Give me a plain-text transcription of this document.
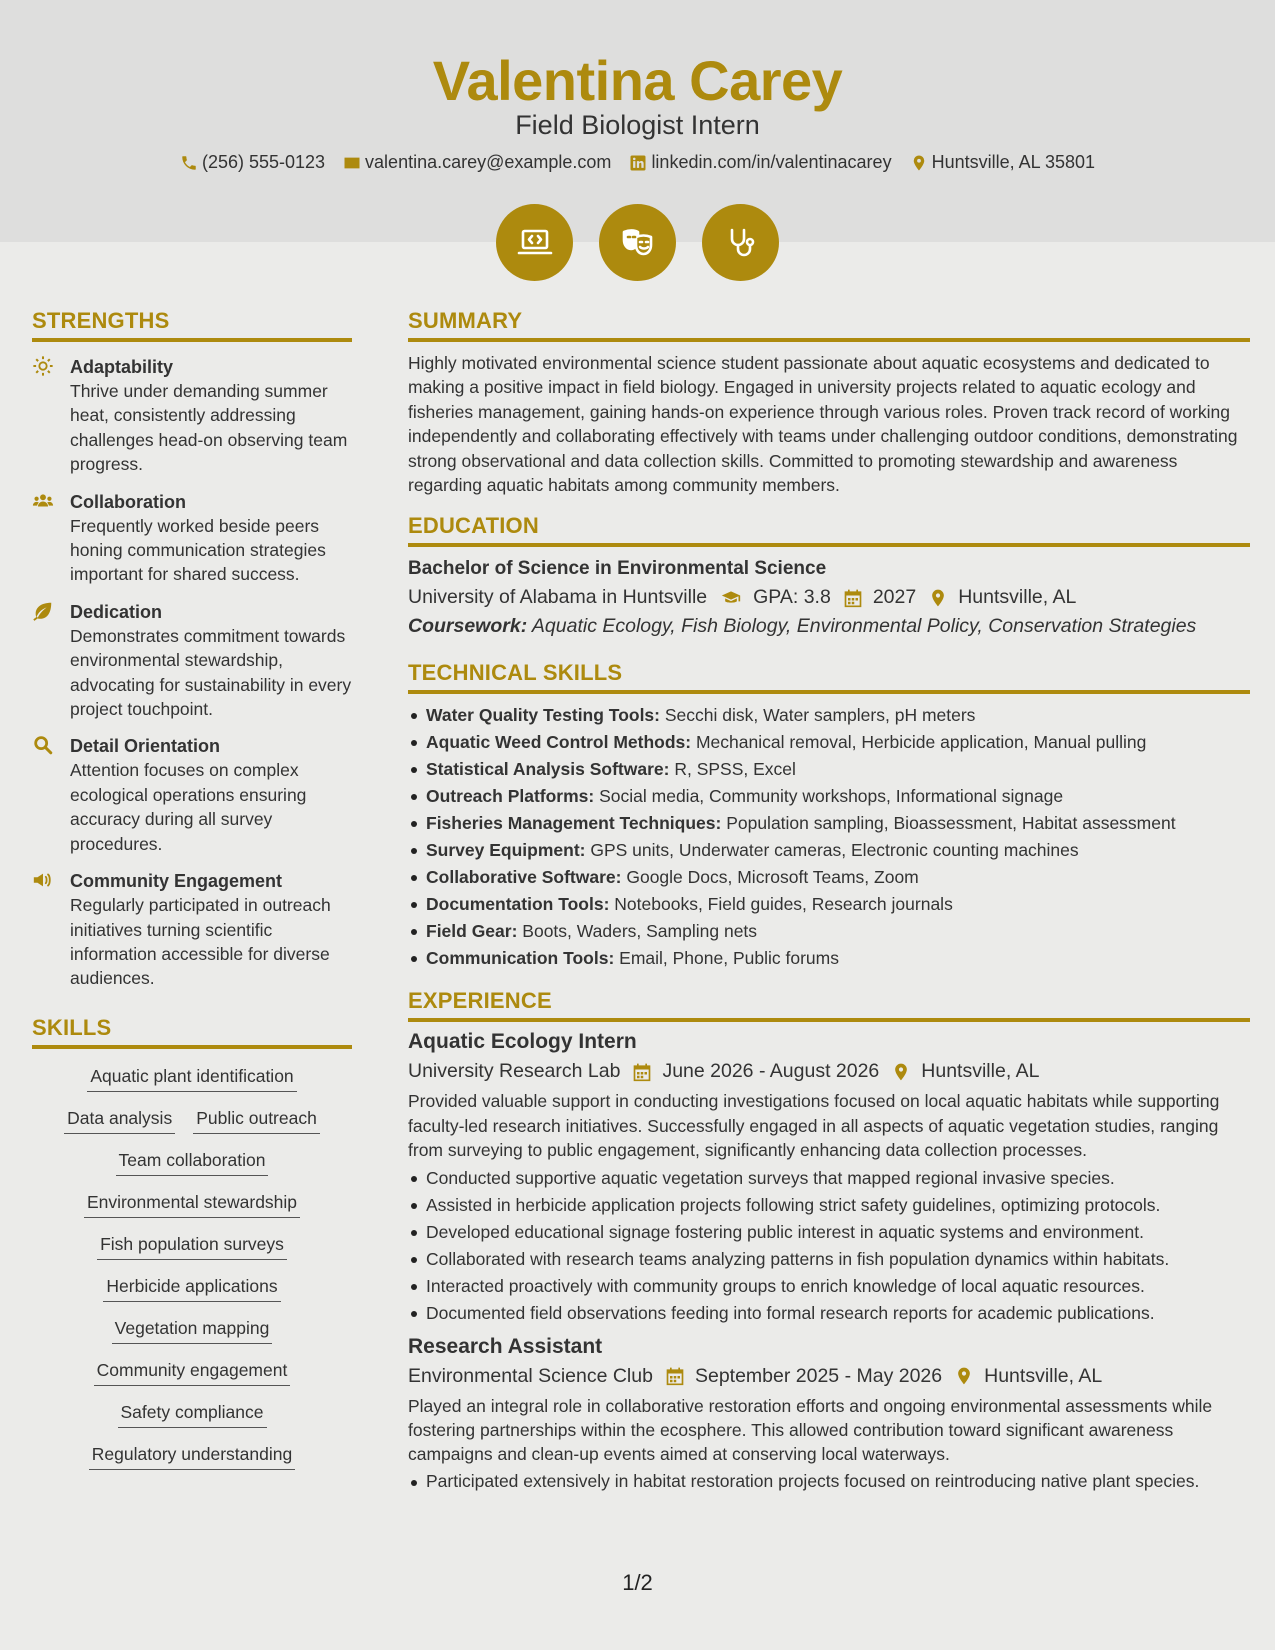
Valentina Carey
Field Biologist Intern
(256) 555-0123 valentina.carey@example.com linkedin.com/in/valentinacarey Huntsville, AL 35801
STRENGTHS
Adaptability

Thrive under demanding summer heat, consistently addressing challenges head-on observing team progress.

Collaboration

Frequently worked beside peers honing communication strategies important for shared success.

Dedication

Demonstrates commitment towards environmental stewardship, advocating for sustainability in every project touchpoint.

Detail Orientation

Attention focuses on complex ecological operations ensuring accuracy during all survey procedures.

Community Engagement

Regularly participated in outreach initiatives turning scientific information accessible for diverse audiences.

SKILLS
Aquatic plant identification
Data analysis Public outreach
Team collaboration
Environmental stewardship
Fish population surveys
Herbicide applications
Vegetation mapping
Community engagement
Safety compliance
Regulatory understanding
SUMMARY

Highly motivated environmental science student passionate about aquatic ecosystems and dedicated to making a positive impact in field biology. Engaged in university projects related to aquatic ecology and fisheries management, gaining hands-on experience through various roles. Proven track record of working independently and collaborating effectively with teams under challenging outdoor conditions, demonstrating strong observational and data collection skills. Committed to promoting stewardship and awareness regarding aquatic habitats among community members.

EDUCATION
Bachelor of Science in Environmental Science
University of Alabama in Huntsville GPA: 3.8 2027 Huntsville, AL
Coursework: Aquatic Ecology, Fish Biology, Environmental Policy, Conservation Strategies
TECHNICAL SKILLS
Water Quality Testing Tools: Secchi disk, Water samplers, pH meters
Aquatic Weed Control Methods: Mechanical removal, Herbicide application, Manual pulling
Statistical Analysis Software: R, SPSS, Excel
Outreach Platforms: Social media, Community workshops, Informational signage
Fisheries Management Techniques: Population sampling, Bioassessment, Habitat assessment
Survey Equipment: GPS units, Underwater cameras, Electronic counting machines
Collaborative Software: Google Docs, Microsoft Teams, Zoom
Documentation Tools: Notebooks, Field guides, Research journals
Field Gear: Boots, Waders, Sampling nets
Communication Tools: Email, Phone, Public forums
EXPERIENCE
Aquatic Ecology Intern
University Research Lab June 2026 - August 2026 Huntsville, AL

Provided valuable support in conducting investigations focused on local aquatic habitats while supporting faculty-led research initiatives. Successfully engaged in all aspects of aquatic vegetation studies, ranging from surveying to public engagement, significantly enhancing data collection processes.

Conducted supportive aquatic vegetation surveys that mapped regional invasive species.
Assisted in herbicide application projects following strict safety guidelines, optimizing protocols.
Developed educational signage fostering public interest in aquatic systems and environment.
Collaborated with research teams analyzing patterns in fish population dynamics within habitats.
Interacted proactively with community groups to enrich knowledge of local aquatic resources.
Documented field observations feeding into formal research reports for academic publications.
Research Assistant
Environmental Science Club September 2025 - May 2026 Huntsville, AL

Played an integral role in collaborative restoration efforts and ongoing environmental assessments while fostering partnerships within the ecosphere. This allowed contribution toward significant awareness campaigns and clean-up events aimed at conserving local waterways.

Participated extensively in habitat restoration projects focused on reintroducing native plant species.
1/2
